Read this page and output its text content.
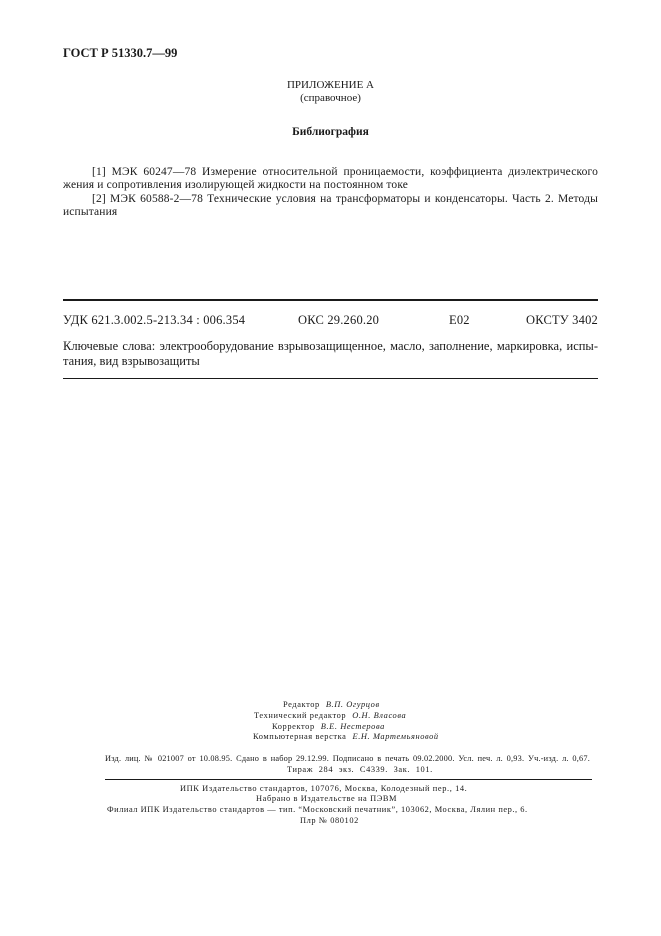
ГОСТ Р 51330.7—99
ПРИЛОЖЕНИЕ А
(справочное)
Библиография
[1] МЭК 60247—78 Измерение относительной проницаемости, коэффициента диэлектрического
жения и сопротивления изолирующей жидкости на постоянном токе
[2] МЭК 60588-2—78 Технические условия на трансформаторы и конденсаторы. Часть 2. Методы
испытания
УДК 621.3.002.5-213.34 : 006.354	ОКС 29.260.20	Е02	ОКСТУ 3402
Ключевые слова: электрооборудование взрывозащищенное, масло, заполнение, маркировка, испы-
тания, вид взрывозащиты
Редактор В.П. Огурцов
Технический редактор О.Н. Власова
Корректор В.Е. Нестерова
Компьютерная верстка Е.Н. Мартемьяновой
Изд. лиц. № 021007 от 10.08.95. Сдано в набор 29.12.99. Подписано в печать 09.02.2000. Усл. печ. л. 0,93. Уч.-изд. л. 0,67.
Тираж 284 экз. С4339. Зак. 101.
ИПК Издательство стандартов, 107076, Москва, Колодезный пер., 14.
Набрано в Издательстве на ПЭВМ
Филиал ИПК Издательство стандартов — тип. “Московский печатник”, 103062, Москва, Лялин пер., 6.
Плр № 080102
